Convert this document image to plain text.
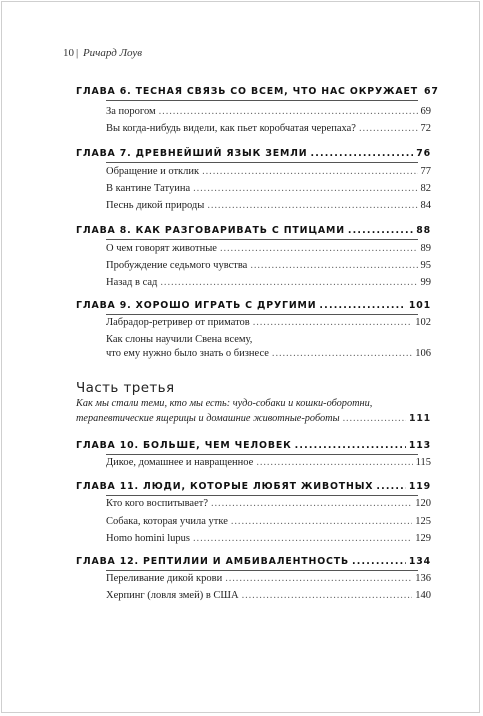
10 | Ричард Лоув
ГЛАВА 6. ТЕСНАЯ СВЯЗЬ СО ВСЕМ, ЧТО НАС ОКРУЖАЕТ 67
За порогом .....	69
Вы когда-нибудь видели, как пьет коробчатая черепаха? .....	72
ГЛАВА 7. ДРЕВНЕЙШИЙ ЯЗЫК ЗЕМЛИ .....	76
Обращение и отклик .....	77
В кантине Татуина .....	82
Песнь дикой природы .....	84
ГЛАВА 8. КАК РАЗГОВАРИВАТЬ С ПТИЦАМИ .....	88
О чем говорят животные .....	89
Пробуждение седьмого чувства .....	95
Назад в сад .....	99
ГЛАВА 9. ХОРОШО ИГРАТЬ С ДРУГИМИ .....	101
Лабрадор-ретривер от приматов .....	102
Как слоны научили Свена всему,
что ему нужно было знать о бизнесе .....	106
Часть третья
Как мы стали теми, кто мы есть: чудо-собаки и кошки-оборотни,
терапевтические ящерицы и домашние животные-роботы .....	111
ГЛАВА 10. БОЛЬШЕ, ЧЕМ ЧЕЛОВЕК .....	113
Дикое, домашнее и навращенное .....	115
ГЛАВА 11. ЛЮДИ, КОТОРЫЕ ЛЮБЯТ ЖИВОТНЫХ .....	119
Кто кого воспитывает? .....	120
Собака, которая учила утке .....	125
Homo homini lupus .....	129
ГЛАВА 12. РЕПТИЛИИ И АМБИВАЛЕНТНОСТЬ .....	134
Переливание дикой крови .....	136
Херпинг (ловля змей) в США .....	140
